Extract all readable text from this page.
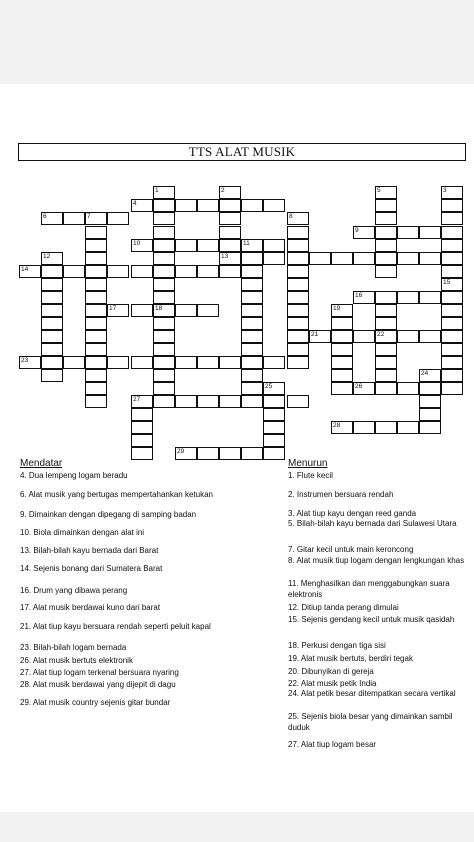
TTS ALAT MUSIK
1	2	5	3
4
6	7	8
9
10	11
12	13
14
15
16
17	18	19
21	22
23
24
25	26
27
28
29
Mendatar
4. Dua lempeng logam beradu
6. Alat musik yang bertugas mempertahankan ketukan
9. Dimainkan dengan dipegang di samping badan
10. Biola dimainkan dengan alat ini
13. Bilah-bilah kayu bernada dari Barat
14. Sejenis bonang dari Sumatera Barat
16. Drum yang dibawa perang
17. Alat musik berdawai kuno dari barat
21. Alat tiup kayu bersuara rendah seperti peluit kapal
23. Bilah-bilah logam bernada
26. Alat musik bertuts elektronik
27. Alat tiup logam terkenal bersuara nyaring
28. Alat musik berdawai yang dijepit di dagu
29. Alat musik country sejenis gitar bundar
Menurun
1. Flute kecil
2. Instrumen bersuara rendah
3. Alat tiup kayu dengan reed ganda
5. Bilah-bilah kayu bernada dari Sulawesi Utara
7. Gitar kecil untuk main keroncong
8. Alat musik tiup logam dengan lengkungan khas
11. Menghasilkan dan menggabungkan suara elektronis
12. Ditiup tanda perang dimulai
15. Sejenis gendang kecil untuk musik qasidah
18. Perkusi dengan tiga sisi
19. Alat musik bertuts, berdiri tegak
20. Dibunyikan di gereja
22. Alat musik petik India
24. Alat petik besar ditempatkan secara vertikal
25. Sejenis biola besar yang dimainkan sambil duduk
27. Alat tiup logam besar
